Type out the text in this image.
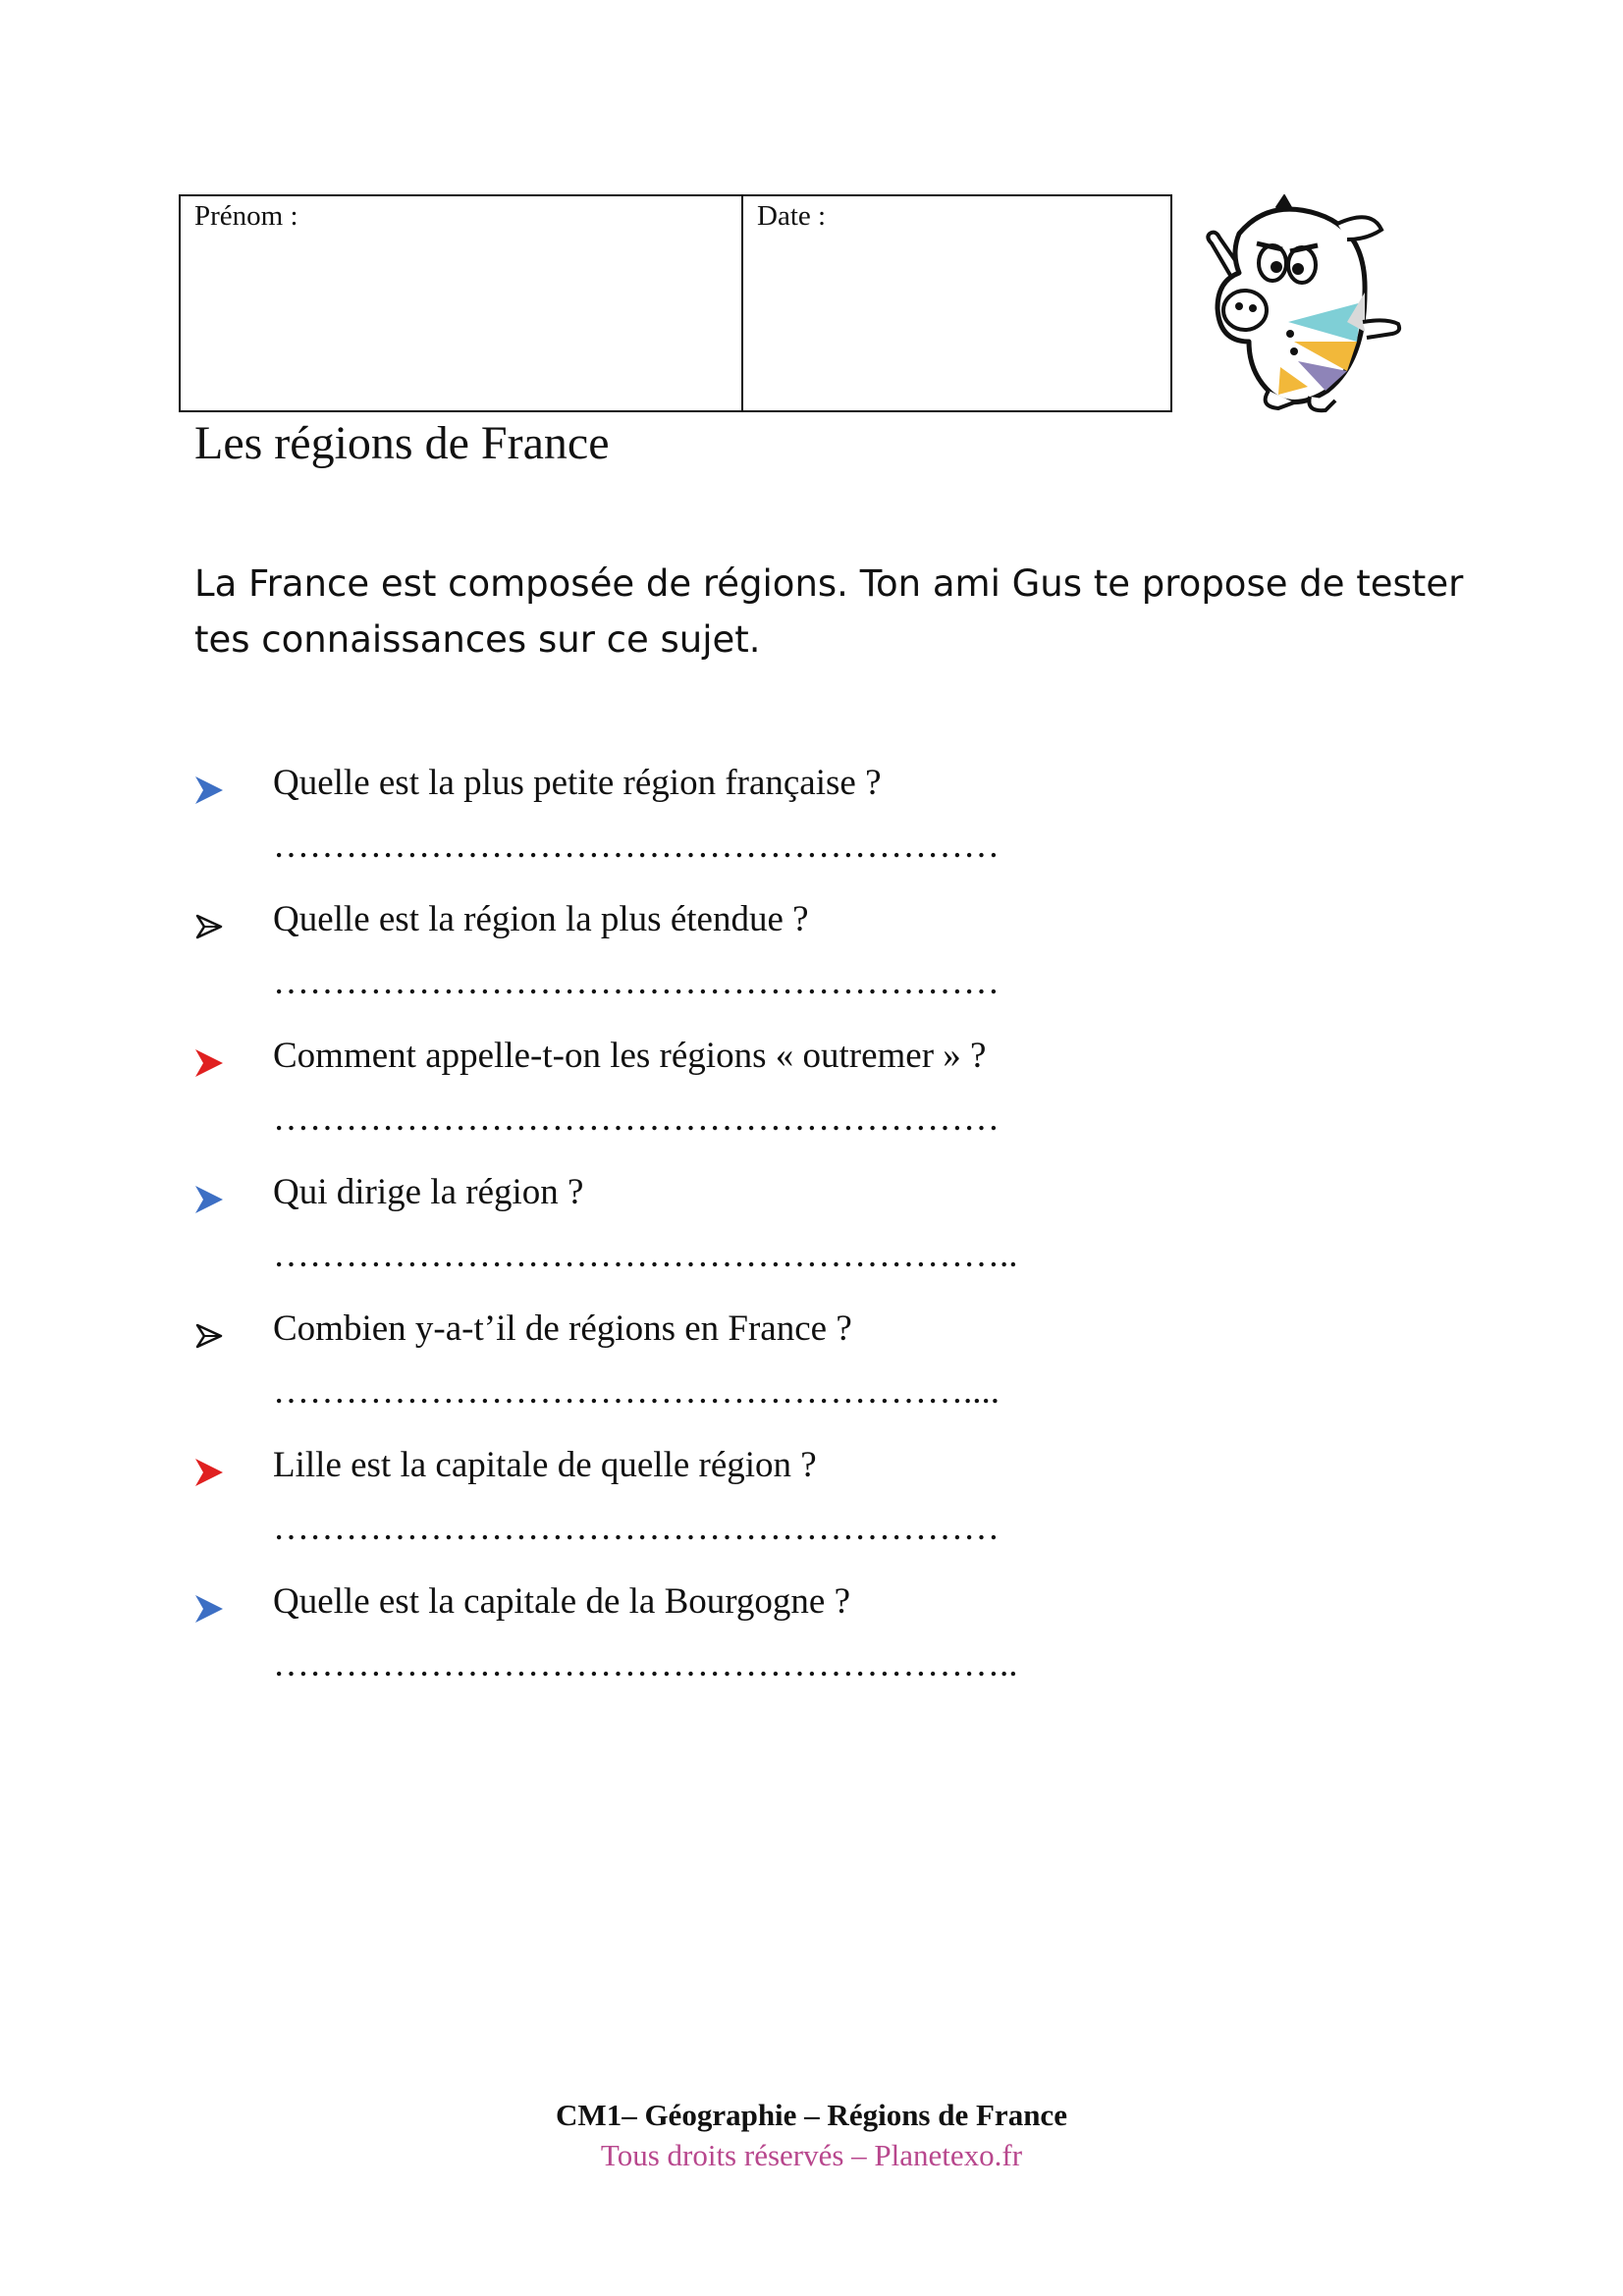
Prénom :	Date :
Les régions de France

La France est composée de régions. Ton ami Gus te propose de tester
tes connaissances sur ce sujet.

Quelle est la plus petite région française ?
……………………………………………………
Quelle est la région la plus étendue ?
……………………………………………………
Comment appelle-t-on les régions « outremer » ?
……………………………………………………
Qui dirige la région ?
……………………………………………………..
Combien y-a-t’il de régions en France ?
…………………………………………………....
Lille est la capitale de quelle région ?
……………………………………………………
Quelle est la capitale de la Bourgogne ?
……………………………………………………..
CM1– Géographie – Régions de France
Tous droits réservés – Planetexo.fr
